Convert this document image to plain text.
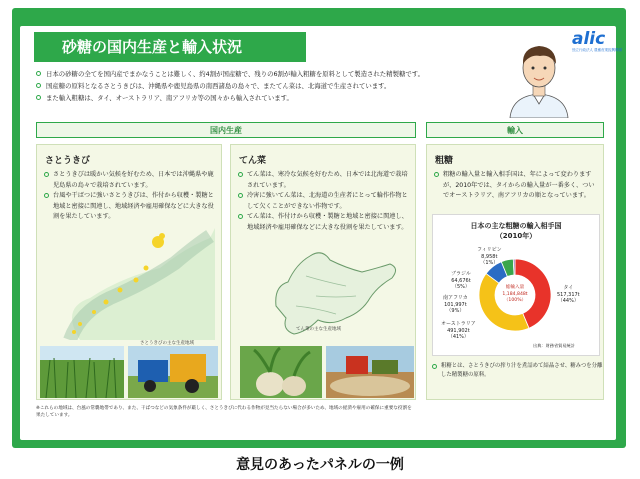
砂糖の国内生産と輸入状況	alic
独立行政法人 農畜産業振興機構
日本の砂糖の全てを国内産でまかなうことは難しく、約4割が国産糖で、残りの6割が輸入粗糖を原料として製造された精製糖です。
国産糖の原料となるさとうきびは、沖縄県や鹿児島県の南西諸島の島々で、またてん菜は、北海道で生産されています。
また輸入粗糖は、タイ、オーストラリア、南アフリカ等の国々から輸入されています。
国内生産	輸入
さとうきび
さとうきびは暖かい気候を好むため、日本では沖縄県や鹿児島県の島々で栽培されています。
台風や干ばつに強いさとうきびは、作付から収穫・製糖と地域と密接に関連し、地域経済や雇用確保などに大きな役割を果たしています。
さとうきびの主な生産地域
てん菜
てん菜は、寒冷な気候を好むため、日本では北海道で栽培されています。
冷害に強いてん菜は、北海道の生産者にとって輪作作物として欠くことができない作物です。
てん菜は、作付けから収穫・製糖と地域と密接に関連し、地域経済や雇用確保などに大きな役割を果たしています。
てん菜の主な生産地域
※これらの地域は、台風の常襲地帯であり、また、干ばつなどの気象条件が厳しく、さとうきびに代わる作物が見当たらない場合が多いため、地域の経済や雇用の確保に重要な役割を果たしています。
粗糖
粗糖の輸入量と輸入相手国は、年によって変わりますが、2010年では、タイからの輸入量が一番多く、ついでオーストラリア、南アフリカの順となっています。
日本の主な粗糖の輸入相手国
（2010年）
タイ
517,317t
（44%）
オーストラリア
491,902t
（41%）
南アフリカ
101,997t
（9%）
ブラジル
64,676t
（5%）
フィリピン
8,958t
（1%）
総輸入量
1,184,848t
（100%）
出典：財務省貿易統計
粗糖とは、さとうきびの搾り汁を煮詰めて結晶させ、糖みつを分離した精製糖の原料。
意見のあったパネルの一例
